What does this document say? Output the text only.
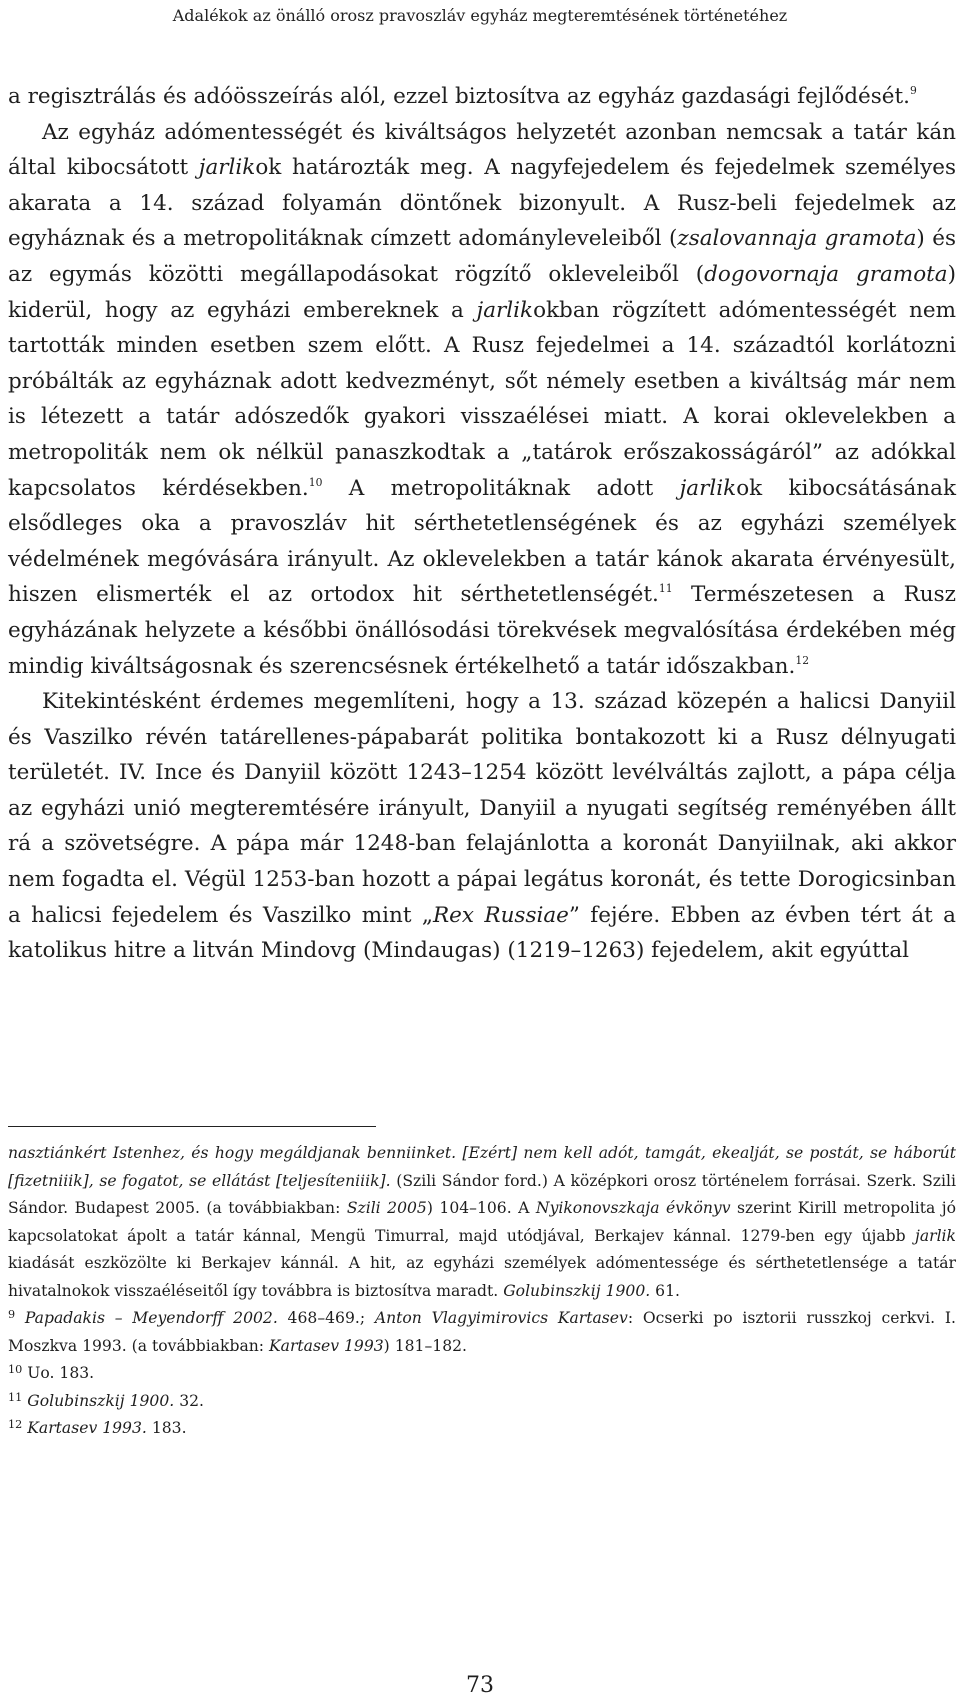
Adalékok az önálló orosz pravoszláv egyház megteremtésének történetéhez

a regisztrálás és adóösszeírás alól, ezzel biztosítva az egyház gazdasági fejlődését.$^9$

Az egyház adómentességét és kiváltságos helyzetét azonban nemcsak a tatár kán által kibocsátott jarlikok határozták meg. A nagyfejedelem és fejedelmek személyes akarata a 14. század folyamán döntőnek bizonyult. A Rusz-beli fejedelmek az egyháznak és a metropolitáknak címzett adományleveleiből (zsalovannaja gramota) és az egymás közötti megállapodásokat rögzítő okleveleiből (dogovornaja gramota) kiderül, hogy az egyházi embereknek a jarlikokban rögzített adómentességét nem tartották minden esetben szem előtt. A Rusz fejedelmei a 14. századtól korlátozni próbálták az egyháznak adott kedvezményt, sőt némely esetben a kiváltság már nem is létezett a tatár adószedők gyakori visszaélései miatt. A korai oklevelekben a metropoliták nem ok nélkül panaszkodtak a „tatárok erőszakosságáról” az adókkal kapcsolatos kérdésekben.$^{10}$ A metropolitáknak adott jarlikok kibocsátásának elsődleges oka a pravoszláv hit sérthetetlenségének és az egyházi személyek védelmének megóvására irányult. Az oklevelekben a tatár kánok akarata érvényesült, hiszen elismerték el az ortodox hit sérthetetlenségét.$^{11}$ Természetesen a Rusz egyházának helyzete a későbbi önállósodási törekvések megvalósítása érdekében még mindig kiváltságosnak és szerencsésnek értékelhető a tatár időszakban.$^{12}$

Kitekintésként érdemes megemlíteni, hogy a 13. század közepén a halicsi Danyiil és Vaszilko révén tatárellenes-pápabarát politika bontakozott ki a Rusz délnyugati területét. IV. Ince és Danyiil között 1243–1254 között levélváltás zajlott, a pápa célja az egyházi unió megteremtésére irányult, Danyiil a nyugati segítség reményében állt rá a szövetségre. A pápa már 1248-ban felajánlotta a koronát Danyiilnak, aki akkor nem fogadta el. Végül 1253-ban hozott a pápai legátus koronát, és tette Dorogicsinban a halicsi fejedelem és Vaszilko mint „Rex Russiae” fejére. Ebben az évben tért át a katolikus hitre a litván Mindovg (Mindaugas) (1219–1263) fejedelem, akit egyúttal

nasztiánkért Istenhez, és hogy megáldjanak benniinket. [Ezért] nem kell adót, tamgát, ekealját, se postát, se háborút [fizetniiik], se fogatot, se ellátást [teljesíteniiik]. (Szili Sándor ford.) A középkori orosz történelem forrásai. Szerk. Szili Sándor. Budapest 2005. (a továbbiakban: Szili 2005) 104–106. A Nyikonovszkaja évkönyv szerint Kirill metropolita jó kapcsolatokat ápolt a tatár kánnal, Mengü Timurral, majd utódjával, Berkajev kánnal. 1279-ben egy újabb jarlik kiadását eszközölte ki Berkajev kánnál. A hit, az egyházi személyek adómentessége és sérthetetlensége a tatár hivatalnokok visszaéléseitől így továbbra is biztosítva maradt. Golubinszkij 1900. 61.

$^9$ Papadakis – Meyendorff 2002. 468–469.; Anton Vlagyimirovics Kartasev: Ocserki po isztorii russzkoj cerkvi. I. Moszkva 1993. (a továbbiakban: Kartasev 1993) 181–182.

$^{10}$ Uo. 183.

$^{11}$ Golubinszkij 1900. 32.

$^{12}$ Kartasev 1993. 183.

73
